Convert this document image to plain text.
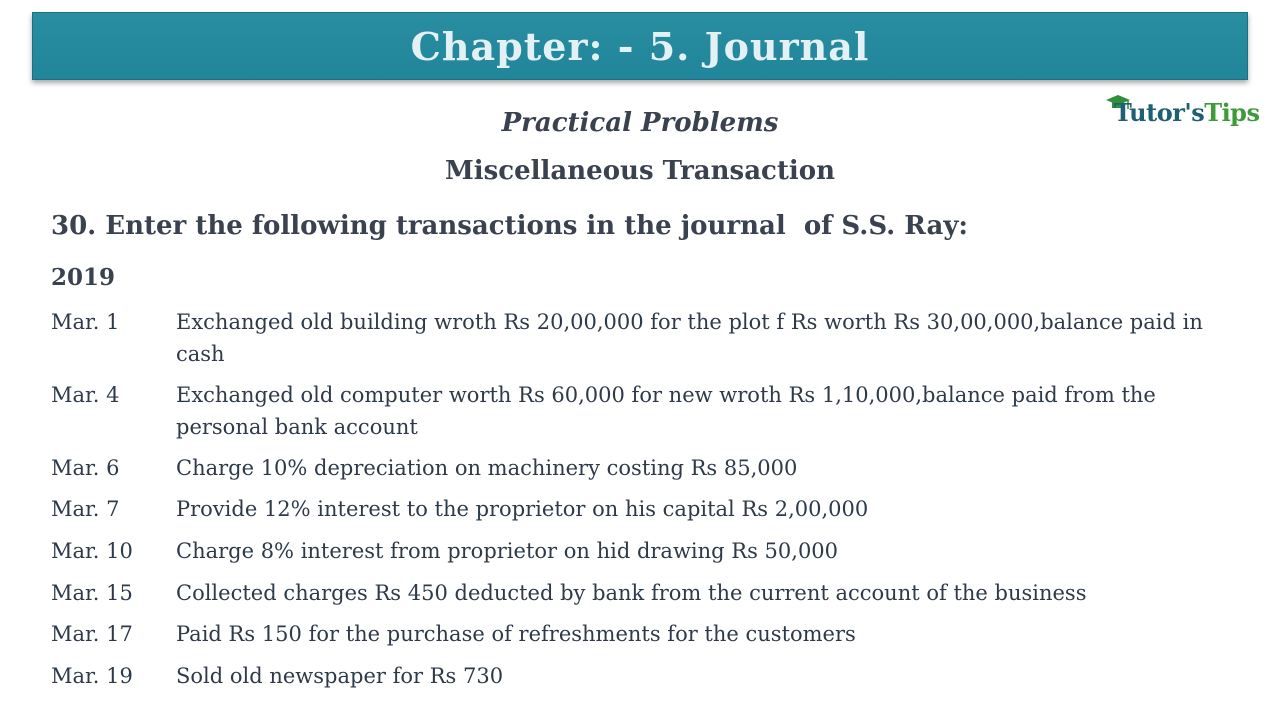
Chapter: - 5. Journal
Tutor'sTips
Practical Problems
Miscellaneous Transaction
30. Enter the following transactions in the journal  of S.S. Ray:
2019
Mar. 1	Exchanged old building wroth Rs 20,00,000 for the plot f Rs worth Rs 30,00,000,balance paid in cash
Mar. 4	Exchanged old computer worth Rs 60,000 for new wroth Rs 1,10,000,balance paid from the personal bank account
Mar. 6	Charge 10% depreciation on machinery costing Rs 85,000
Mar. 7	Provide 12% interest to the proprietor on his capital Rs 2,00,000
Mar. 10	Charge 8% interest from proprietor on hid drawing Rs 50,000
Mar. 15	Collected charges Rs 450 deducted by bank from the current account of the business
Mar. 17	Paid Rs 150 for the purchase of refreshments for the customers
Mar. 19	Sold old newspaper for Rs 730
